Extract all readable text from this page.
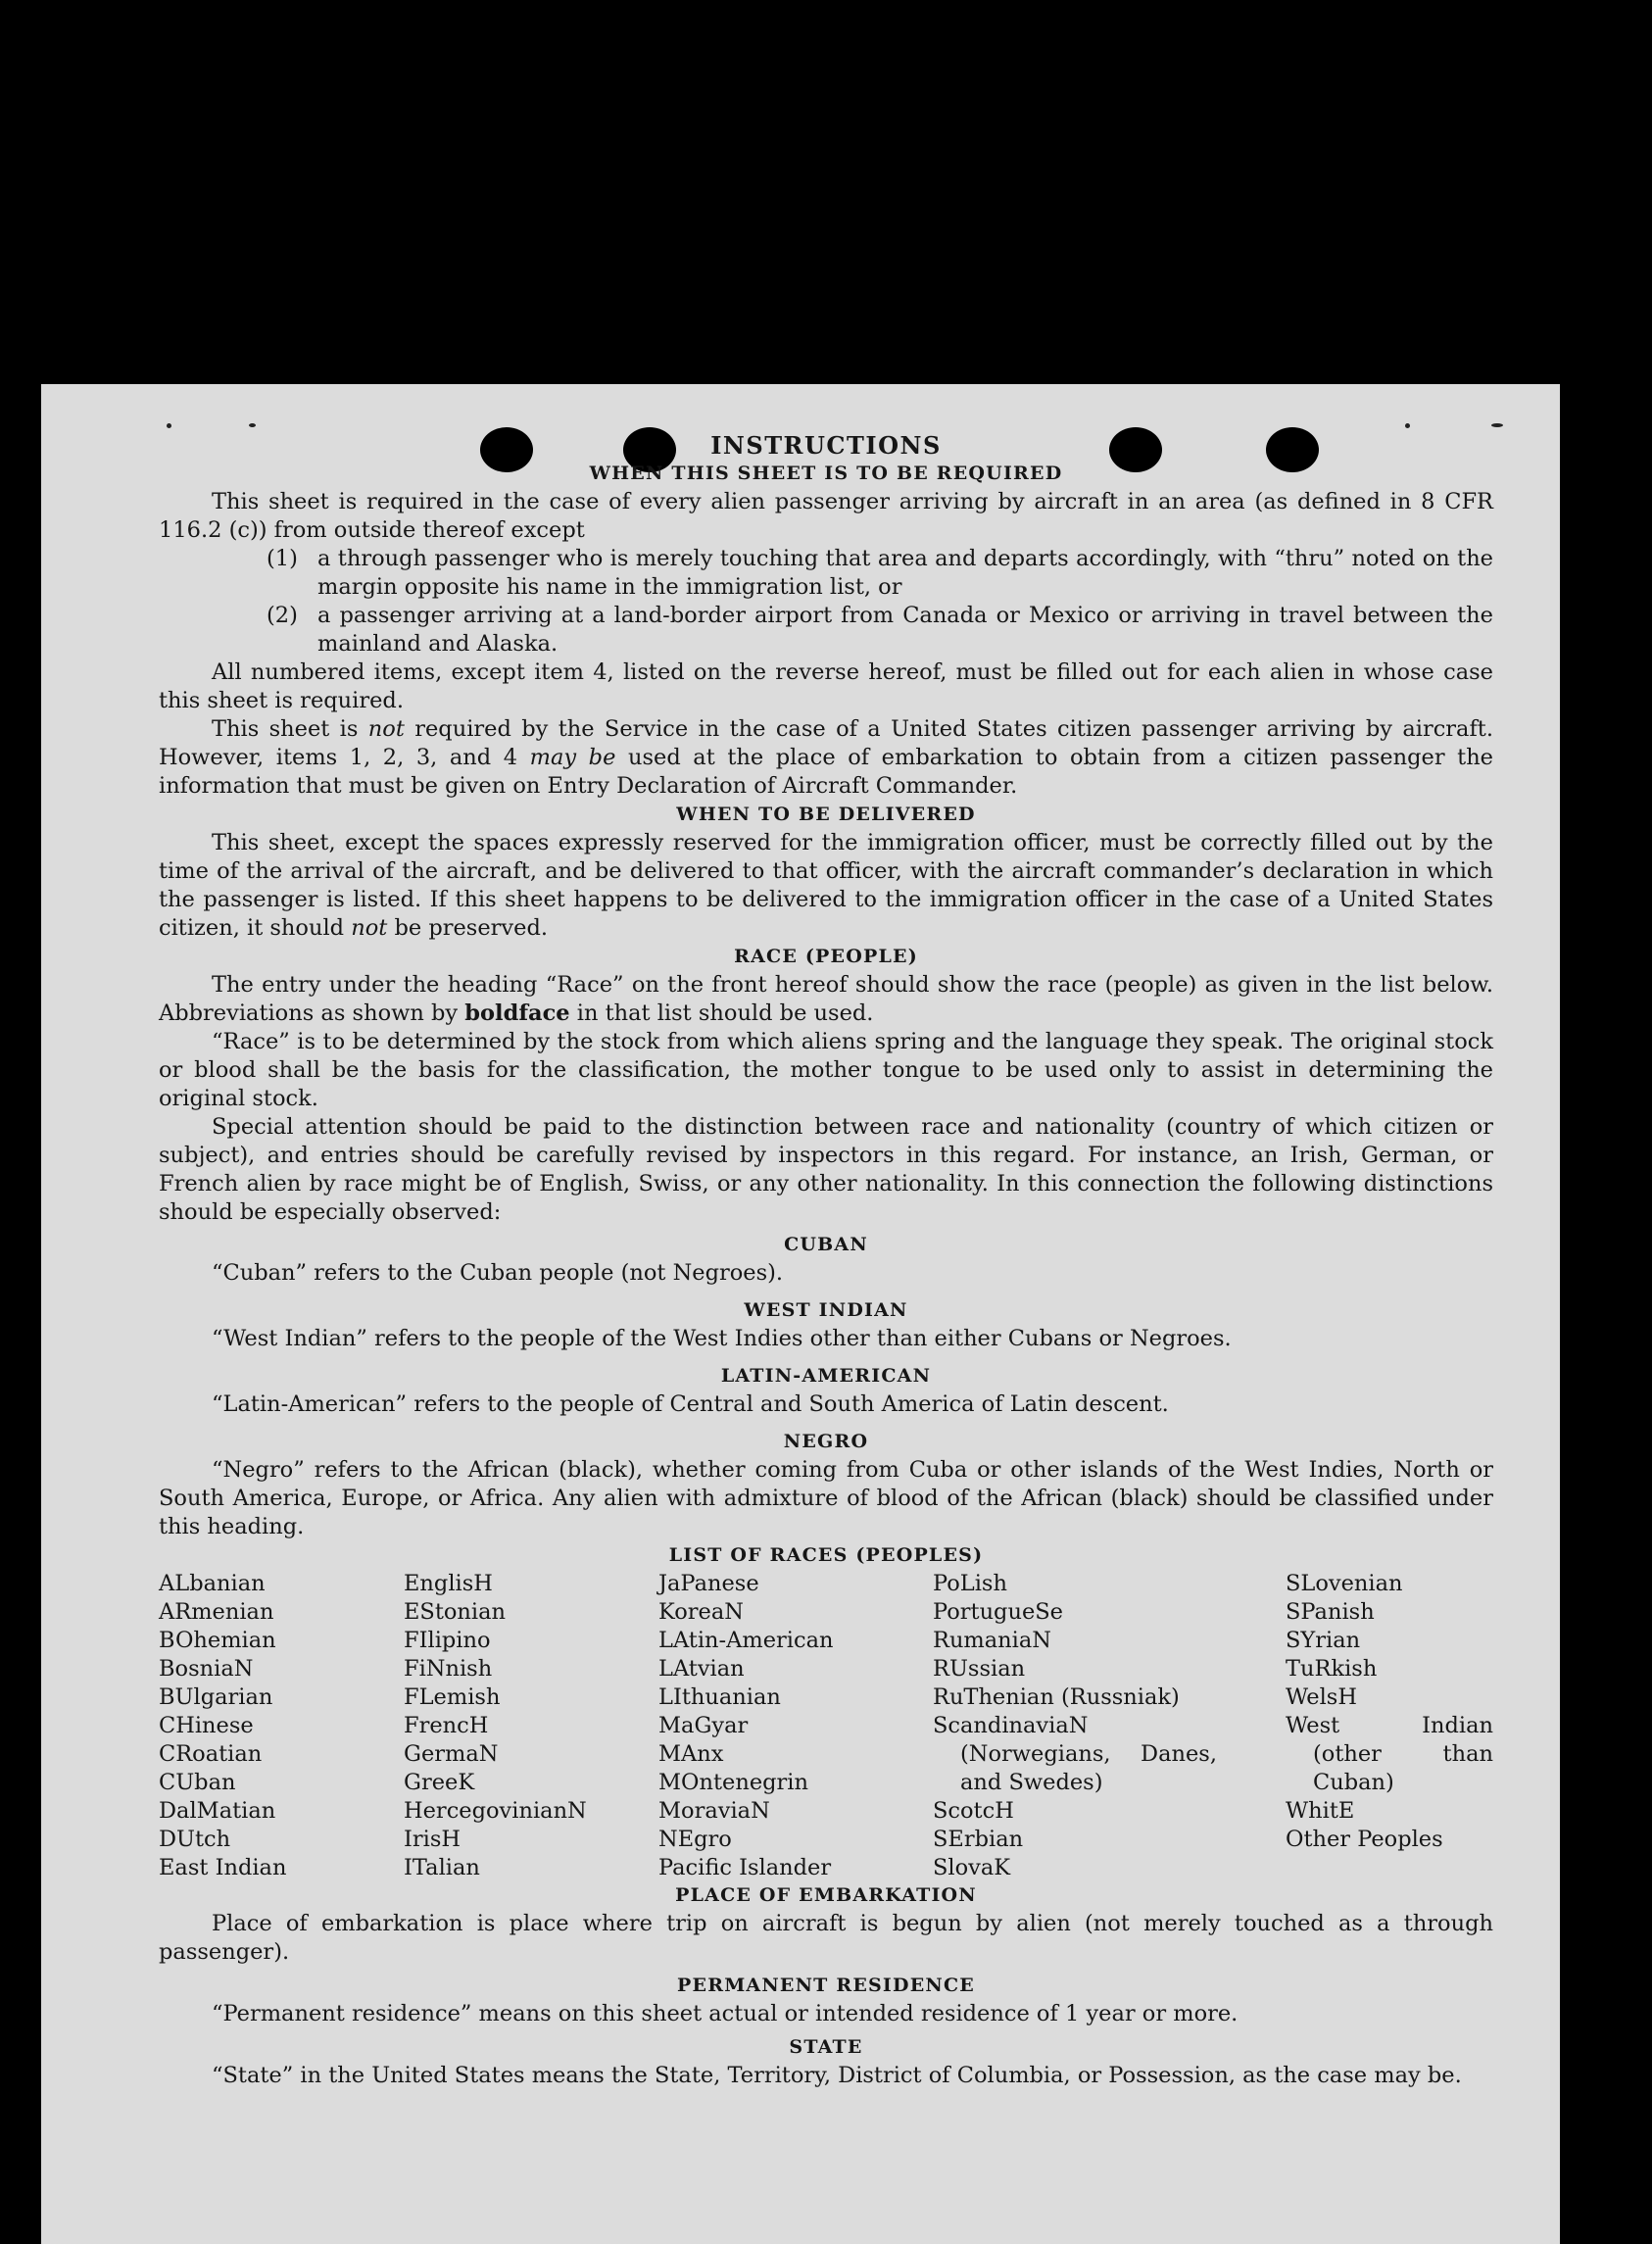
INSTRUCTIONS
WHEN THIS SHEET IS TO BE REQUIRED

This sheet is required in the case of every alien passenger arriving by aircraft in an area (as defined in 8 CFR 116.2 (c)) from outside thereof except

(1) a through passenger who is merely touching that area and departs accordingly, with “thru” noted on the margin opposite his name in the immigration list, or
(2) a passenger arriving at a land-border airport from Canada or Mexico or arriving in travel between the mainland and Alaska.

All numbered items, except item 4, listed on the reverse hereof, must be filled out for each alien in whose case this sheet is required.

This sheet is not required by the Service in the case of a United States citizen passenger arriving by aircraft. However, items 1, 2, 3, and 4 may be used at the place of embarkation to obtain from a citizen passenger the information that must be given on Entry Declaration of Aircraft Commander.

WHEN TO BE DELIVERED

This sheet, except the spaces expressly reserved for the immigration officer, must be correctly filled out by the time of the arrival of the aircraft, and be delivered to that officer, with the aircraft commander’s declaration in which the passenger is listed. If this sheet happens to be delivered to the immigration officer in the case of a United States citizen, it should not be preserved.

RACE (PEOPLE)

The entry under the heading “Race” on the front hereof should show the race (people) as given in the list below. Abbreviations as shown by boldface in that list should be used.

“Race” is to be determined by the stock from which aliens spring and the language they speak. The original stock or blood shall be the basis for the classification, the mother tongue to be used only to assist in determining the original stock.

Special attention should be paid to the distinction between race and nationality (country of which citizen or subject), and entries should be carefully revised by inspectors in this regard. For instance, an Irish, German, or French alien by race might be of English, Swiss, or any other nationality. In this connection the following distinctions should be especially observed:

CUBAN

“Cuban” refers to the Cuban people (not Negroes).

WEST INDIAN

“West Indian” refers to the people of the West Indies other than either Cubans or Negroes.

LATIN-AMERICAN

“Latin-American” refers to the people of Central and South America of Latin descent.

NEGRO

“Negro” refers to the African (black), whether coming from Cuba or other islands of the West Indies, North or South America, Europe, or Africa. Any alien with admixture of blood of the African (black) should be classified under this heading.

LIST OF RACES (PEOPLES)
ALbanian
ARmenian
BOhemian
BosniaN
BUlgarian
CHinese
CRoatian
CUban
DalMatian
DUtch
East Indian
EnglisH
EStonian
FIlipino
FiNnish
FLemish
FrencH
GermaN
GreeK
HercegovinianN
IrisH
ITalian
JaPanese
KoreaN
LAtin-American
LAtvian
LIthuanian
MaGyar
MAnx
MOntenegrin
MoraviaN
NEgro
Pacific Islander
PoLish
PortugueSe
RumaniaN
RUssian
RuThenian (Russniak)
ScandinaviaN (Norwegians, Danes, and Swedes)
ScotcH
SErbian
SlovaK
SLovenian
SPanish
SYrian
TuRkish
WelsH
West Indian (other than Cuban)
WhitE
Other Peoples
PLACE OF EMBARKATION

Place of embarkation is place where trip on aircraft is begun by alien (not merely touched as a through passenger).

PERMANENT RESIDENCE

“Permanent residence” means on this sheet actual or intended residence of 1 year or more.

STATE

“State” in the United States means the State, Territory, District of Columbia, or Possession, as the case may be.
